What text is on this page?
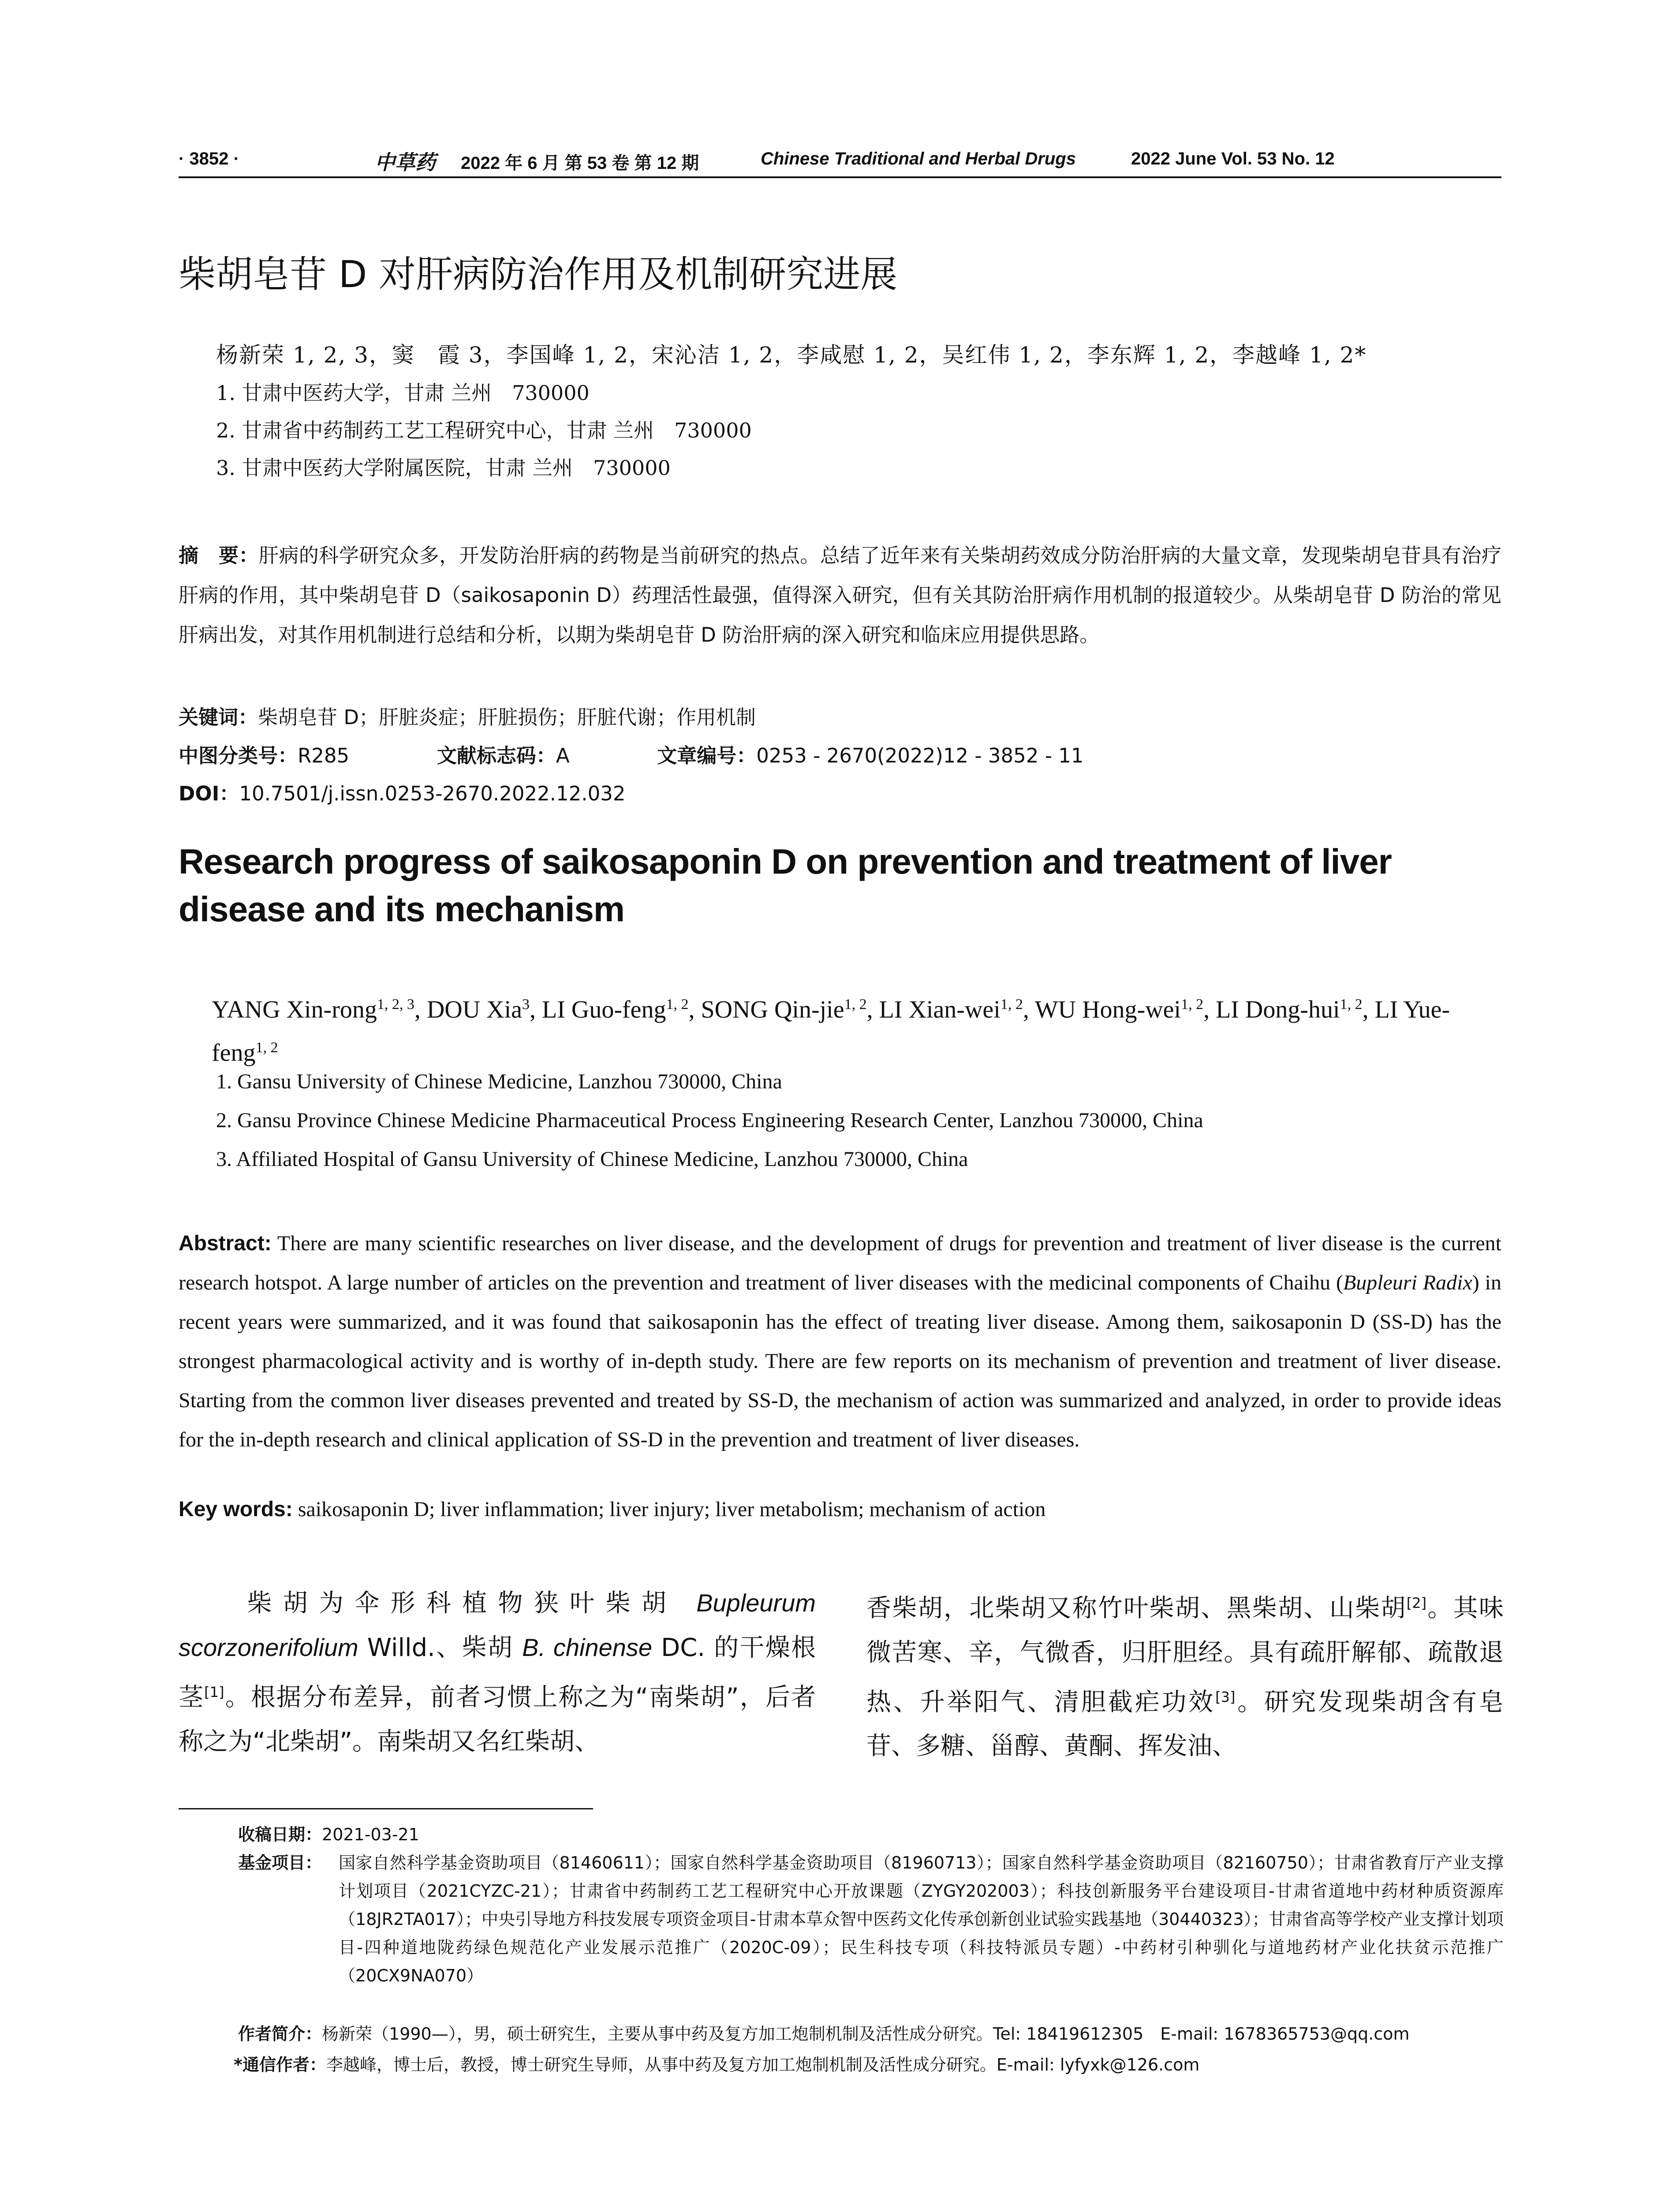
· 3852 ·	中草药 2022 年 6 月 第 53 卷 第 12 期	Chinese Traditional and Herbal Drugs	2022 June Vol. 53 No. 12
柴胡皂苷 D 对肝病防治作用及机制研究进展
杨新荣 1, 2, 3，窦　霞 3，李国峰 1, 2，宋沁洁 1, 2，李咸慰 1, 2，吴红伟 1, 2，李东辉 1, 2，李越峰 1, 2*
1. 甘肃中医药大学，甘肃 兰州　730000
2. 甘肃省中药制药工艺工程研究中心，甘肃 兰州　730000
3. 甘肃中医药大学附属医院，甘肃 兰州　730000
摘　要：肝病的科学研究众多，开发防治肝病的药物是当前研究的热点。总结了近年来有关柴胡药效成分防治肝病的大量文章，发现柴胡皂苷具有治疗肝病的作用，其中柴胡皂苷 D（saikosaponin D）药理活性最强，值得深入研究，但有关其防治肝病作用机制的报道较少。从柴胡皂苷 D 防治的常见肝病出发，对其作用机制进行总结和分析，以期为柴胡皂苷 D 防治肝病的深入研究和临床应用提供思路。
关键词：柴胡皂苷 D；肝脏炎症；肝脏损伤；肝脏代谢；作用机制
中图分类号：R285	文献标志码：A	文章编号：0253 - 2670(2022)12 - 3852 - 11
DOI：10.7501/j.issn.0253-2670.2022.12.032
Research progress of saikosaponin D on prevention and treatment of liver disease and its mechanism
YANG Xin-rong$^{1, 2, 3}$, DOU Xia$^3$, LI Guo-feng$^{1, 2}$, SONG Qin-jie$^{1, 2}$, LI Xian-wei$^{1, 2}$, WU Hong-wei$^{1, 2}$, LI Dong-hui$^{1, 2}$, LI Yue-feng$^{1, 2}$
1. Gansu University of Chinese Medicine, Lanzhou 730000, China
2. Gansu Province Chinese Medicine Pharmaceutical Process Engineering Research Center, Lanzhou 730000, China
3. Affiliated Hospital of Gansu University of Chinese Medicine, Lanzhou 730000, China
Abstract: There are many scientific researches on liver disease, and the development of drugs for prevention and treatment of liver disease is the current research hotspot. A large number of articles on the prevention and treatment of liver diseases with the medicinal components of Chaihu (Bupleuri Radix) in recent years were summarized, and it was found that saikosaponin has the effect of treating liver disease. Among them, saikosaponin D (SS-D) has the strongest pharmacological activity and is worthy of in-depth study. There are few reports on its mechanism of prevention and treatment of liver disease. Starting from the common liver diseases prevented and treated by SS-D, the mechanism of action was summarized and analyzed, in order to provide ideas for the in-depth research and clinical application of SS-D in the prevention and treatment of liver diseases.
Key words: saikosaponin D; liver inflammation; liver injury; liver metabolism; mechanism of action
柴胡为伞形科植物狭叶柴胡 Bupleurum scorzonerifolium Willd.、柴胡 B. chinense DC. 的干燥根茎[1]。根据分布差异，前者习惯上称之为“南柴胡”，后者称之为“北柴胡”。南柴胡又名红柴胡、
香柴胡，北柴胡又称竹叶柴胡、黑柴胡、山柴胡[2]。其味微苦寒、辛，气微香，归肝胆经。具有疏肝解郁、疏散退热、升举阳气、清胆截疟功效[3]。研究发现柴胡含有皂苷、多糖、甾醇、黄酮、挥发油、
收稿日期：2021-03-21
基金项目： 国家自然科学基金资助项目（81460611）；国家自然科学基金资助项目（81960713）；国家自然科学基金资助项目（82160750）；甘肃省教育厅产业支撑计划项目（2021CYZC-21）；甘肃省中药制药工艺工程研究中心开放课题（ZYGY202003）；科技创新服务平台建设项目-甘肃省道地中药材种质资源库（18JR2TA017）；中央引导地方科技发展专项资金项目-甘肃本草众智中医药文化传承创新创业试验实践基地（30440323）；甘肃省高等学校产业支撑计划项目-四种道地陇药绿色规范化产业发展示范推广（2020C-09）；民生科技专项（科技特派员专题）-中药材引种驯化与道地药材产业化扶贫示范推广（20CX9NA070）
作者简介：杨新荣（1990—），男，硕士研究生，主要从事中药及复方加工炮制机制及活性成分研究。Tel: 18419612305　E-mail: 1678365753@qq.com
*通信作者：李越峰，博士后，教授，博士研究生导师，从事中药及复方加工炮制机制及活性成分研究。E-mail: lyfyxk@126.com
